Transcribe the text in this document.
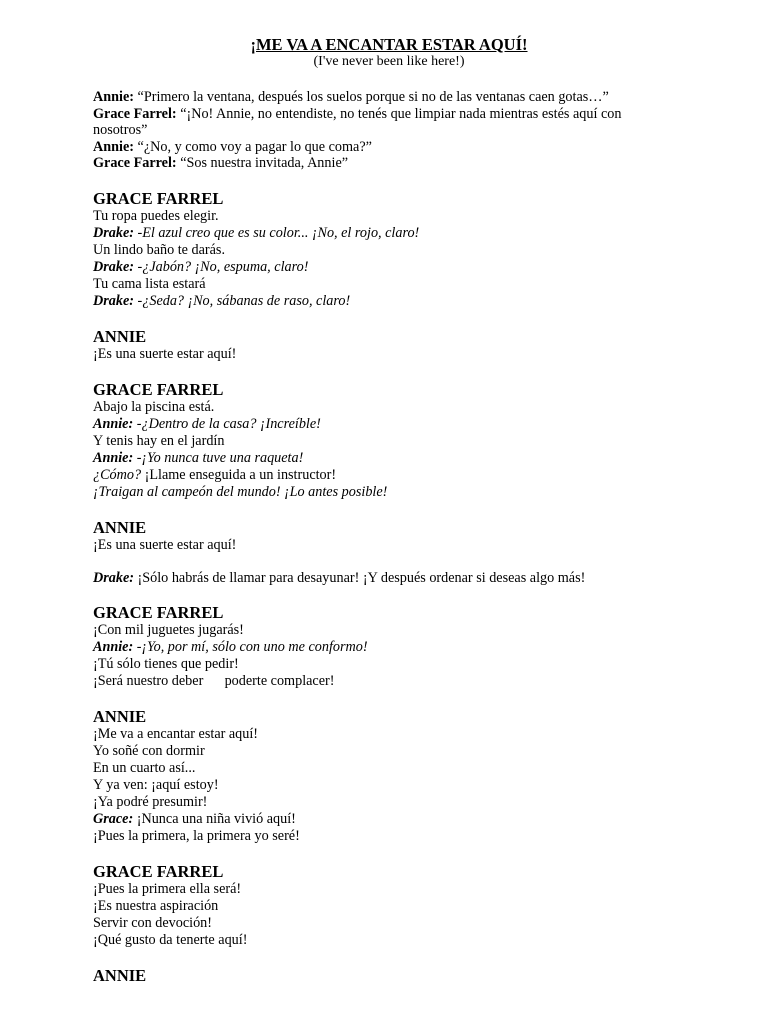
¡ME VA A ENCANTAR ESTAR AQUÍ!
(I've never been like here!)
Annie: “Primero la ventana, después los suelos porque si no de las ventanas caen gotas…”
Grace Farrel: “¡No! Annie, no entendiste, no tenés que limpiar nada mientras estés aquí con nosotros”
Annie: “¿No, y como voy a pagar lo que coma?”
Grace Farrel: “Sos nuestra invitada, Annie”
GRACE FARREL
Tu ropa puedes elegir.
Drake: -El azul creo que es su color... ¡No, el rojo, claro!
Un lindo baño te darás.
Drake: -¿Jabón? ¡No, espuma, claro!
Tu cama lista estará
Drake: -¿Seda? ¡No, sábanas de raso, claro!
ANNIE
¡Es una suerte estar aquí!
GRACE FARREL
Abajo la piscina está.
Annie: -¿Dentro de la casa? ¡Increíble!
Y tenis hay en el jardín
Annie: -¡Yo nunca tuve una raqueta!
¿Cómo? ¡Llame enseguida a un instructor!
¡Traigan al campeón del mundo! ¡Lo antes posible!
ANNIE
¡Es una suerte estar aquí!
Drake: ¡Sólo habrás de llamar para desayunar! ¡Y después ordenar si deseas algo más!
GRACE FARREL
¡Con mil juguetes jugarás!
Annie: -¡Yo, por mí, sólo con uno me conformo!
¡Tú sólo tienes que pedir!
¡Será nuestro deber      poderte complacer!
ANNIE
¡Me va a encantar estar aquí!
Yo soñé con dormir
En un cuarto así...
Y ya ven: ¡aquí estoy!
¡Ya podré presumir!
Grace: ¡Nunca una niña vivió aquí!
¡Pues la primera, la primera yo seré!
GRACE FARREL
¡Pues la primera ella será!
¡Es nuestra aspiración
Servir con devoción!
¡Qué gusto da tenerte aquí!
ANNIE
